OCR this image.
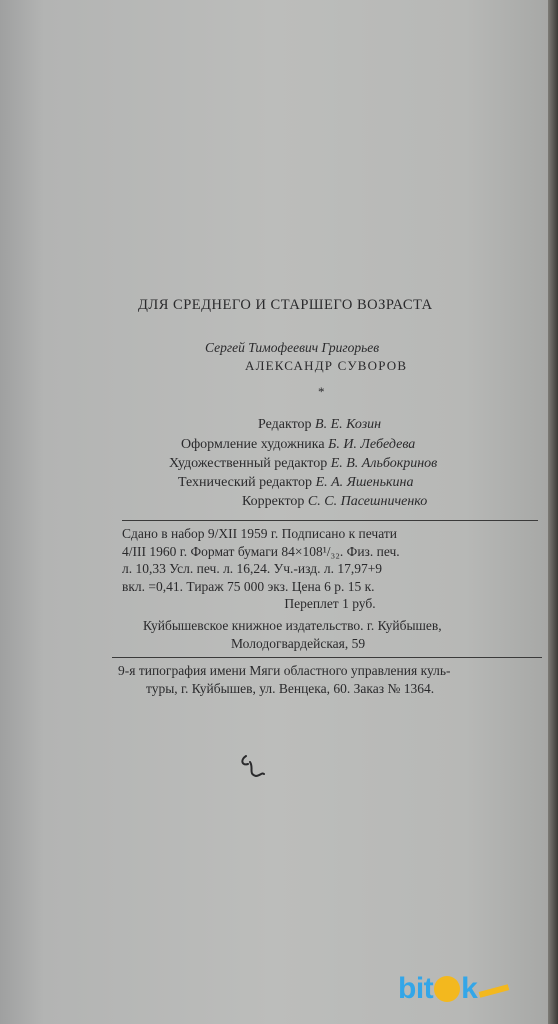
ДЛЯ СРЕДНЕГО И СТАРШЕГО ВОЗРАСТА
Сергей Тимофеевич Григорьев
АЛЕКСАНДР СУВОРОВ
*
Редактор В. Е. Козин
Оформление художника Б. И. Лебедева
Художественный редактор Е. В. Альбокринов
Технический редактор Е. А. Яшенькина
Корректор С. С. Пасешниченко
Сдано в набор 9/XII 1959 г. Подписано к печати
4/III 1960 г. Формат бумаги 84×108¹/₃₂. Физ. печ.
л. 10,33 Усл. печ. л. 16,24. Уч.-изд. л. 17,97+9
вкл. =0,41. Тираж 75 000 экз. Цена 6 р. 15 к.
Переплет 1 руб.
Куйбышевское книжное издательство. г. Куйбышев,
Молодогвардейская, 59
9-я типография имени Мяги областного управления куль-
туры, г. Куйбышев, ул. Венцека, 60. Заказ № 1364.
bit k
